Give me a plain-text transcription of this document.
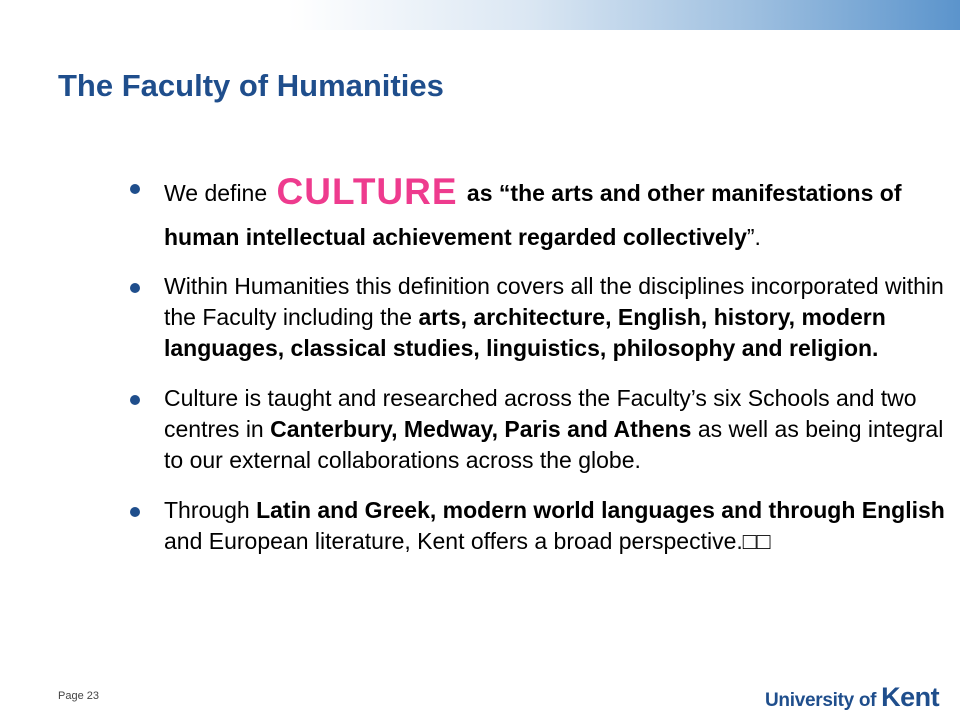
The Faculty of Humanities
We define CULTURE as “the arts and other manifestations of human intellectual achievement regarded collectively”.
Within Humanities this definition covers all the disciplines incorporated within the Faculty including the arts, architecture, English, history, modern languages, classical studies, linguistics, philosophy and religion.
Culture is taught and researched across the Faculty’s six Schools and two centres in Canterbury, Medway, Paris and Athens as well as being integral to our external collaborations across the globe.
Through Latin and Greek, modern world languages and through English and European literature, Kent offers a broad perspective.□□
Page 23	University of Kent
